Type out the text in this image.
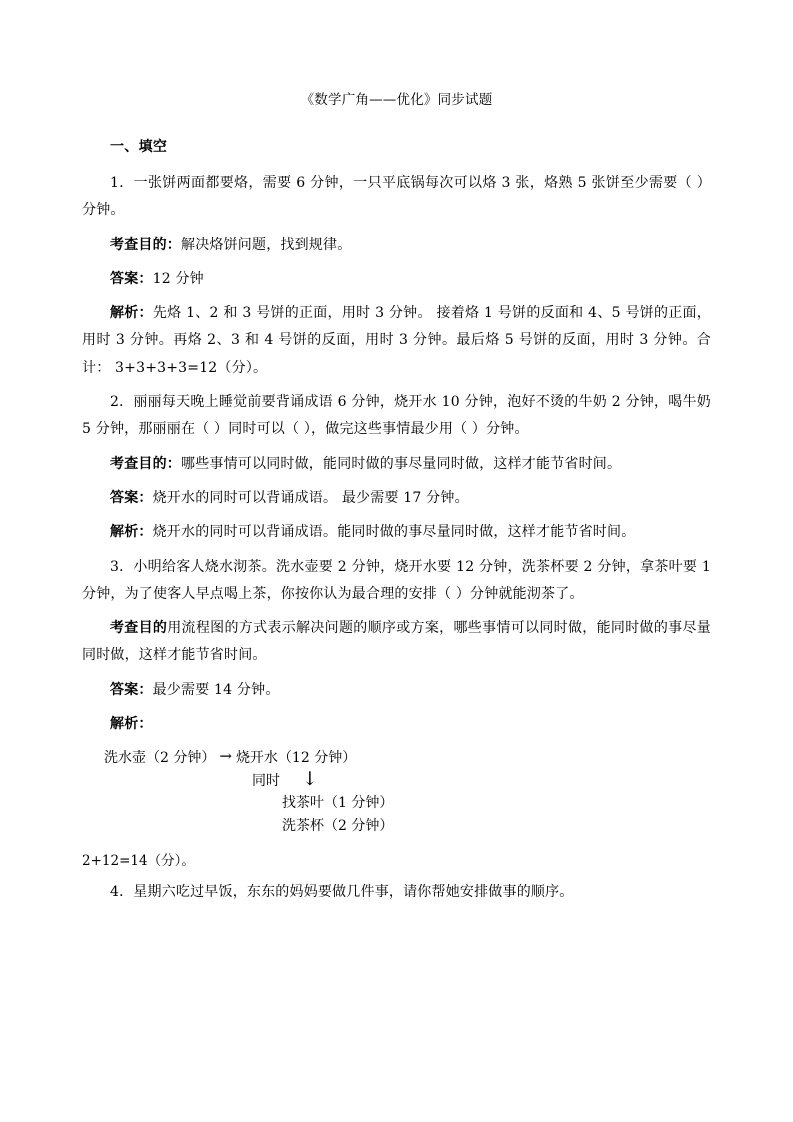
《数学广角——优化》同步试题
一、填空

1．一张饼两面都要烙，需要 6 分钟，一只平底锅每次可以烙 3 张，烙熟 5 张饼至少需要（ ）分钟。

考查目的：解决烙饼问题，找到规律。

答案：12 分钟

解析：先烙 1、2 和 3 号饼的正面，用时 3 分钟。 接着烙 1 号饼的反面和 4、5 号饼的正面，用时 3 分钟。再烙 2、3 和 4 号饼的反面，用时 3 分钟。最后烙 5 号饼的反面，用时 3 分钟。合计： 3+3+3+3=12（分）。

2．丽丽每天晚上睡觉前要背诵成语 6 分钟，烧开水 10 分钟，泡好不烫的牛奶 2 分钟，喝牛奶 5 分钟，那丽丽在（ ）同时可以（ ），做完这些事情最少用（ ）分钟。

考查目的：哪些事情可以同时做，能同时做的事尽量同时做，这样才能节省时间。

答案：烧开水的同时可以背诵成语。 最少需要 17 分钟。

解析：烧开水的同时可以背诵成语。能同时做的事尽量同时做，这样才能节省时间。

3．小明给客人烧水沏茶。洗水壶要 2 分钟，烧开水要 12 分钟，洗茶杯要 2 分钟，拿茶叶要 1 分钟，为了使客人早点喝上茶，你按你认为最合理的安排（ ）分钟就能沏茶了。

考查目的用流程图的方式表示解决问题的顺序或方案，哪些事情可以同时做，能同时做的事尽量同时做，这样才能节省时间。

答案：最少需要 14 分钟。

解析：

洗水壶（2 分钟） → 烧开水（12 分钟）
同时 ↓
找茶叶（1 分钟）
洗茶杯（2 分钟）

2+12=14（分）。

4．星期六吃过早饭，东东的妈妈要做几件事，请你帮她安排做事的顺序。
